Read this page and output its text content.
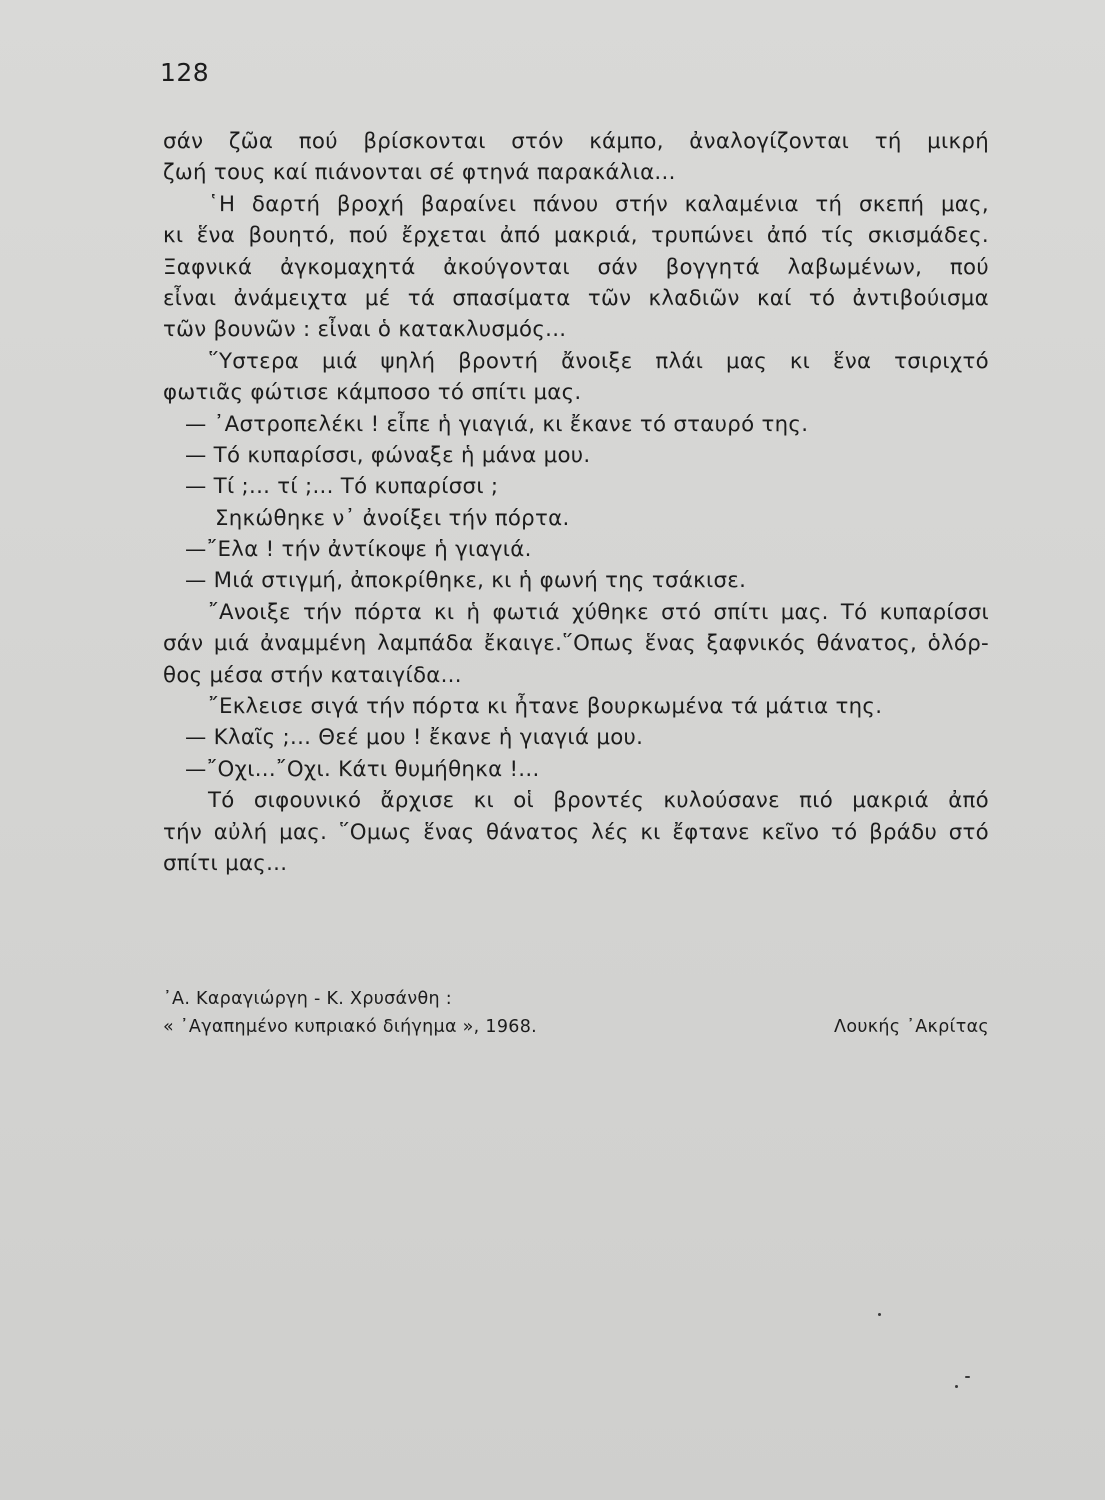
128
σάν ζῶα πού βρίσκονται στόν κάμπο, ἀναλογίζονται τή μικρή
ζωή τους καί πιάνονται σέ φτηνά παρακάλια...
῾Η δαρτή βροχή βαραίνει πάνου στήν καλαμένια τή σκεπή μας,
κι ἕνα βουητό, πού ἔρχεται ἀπό μακριά, τρυπώνει ἀπό τίς σκισμάδες.
Ξαφνικά ἀγκομαχητά ἀκούγονται σάν βογγητά λαβωμένων, πού
εἶναι ἀνάμειχτα μέ τά σπασίματα τῶν κλαδιῶν καί τό ἀντιβούισμα
τῶν βουνῶν : εἶναι ὁ κατακλυσμός...
῞Υστερα μιά ψηλή βροντή ἄνοιξε πλάι μας κι ἕνα τσιριχτό
φωτιᾶς φώτισε κάμποσο τό σπίτι μας.
— ᾿Αστροπελέκι ! εἶπε ἡ γιαγιά, κι ἔκανε τό σταυρό της.
— Τό κυπαρίσσι, φώναξε ἡ μάνα μου.
— Τί ;... τί ;... Τό κυπαρίσσι ;
Σηκώθηκε ν᾿ ἀνοίξει τήν πόρτα.
—῎Ελα ! τήν ἀντίκοψε ἡ γιαγιά.
— Μιά στιγμή, ἀποκρίθηκε, κι ἡ φωνή της τσάκισε.
῎Ανοιξε τήν πόρτα κι ἡ φωτιά χύθηκε στό σπίτι μας. Τό κυπαρίσσι
σάν μιά ἀναμμένη λαμπάδα ἔκαιγε.῞Οπως ἕνας ξαφνικός θάνατος, ὁλόρ-
θος μέσα στήν καταιγίδα...
῎Εκλεισε σιγά τήν πόρτα κι ἦτανε βουρκωμένα τά μάτια της.
— Κλαῖς ;... Θεέ μου ! ἔκανε ἡ γιαγιά μου.
—῎Οχι...῎Οχι. Κάτι θυμήθηκα !...
Τό σιφουνικό ἄρχισε κι οἱ βροντές κυλούσανε πιό μακριά ἀπό
τήν αὐλή μας. ῞Ομως ἕνας θάνατος λές κι ἔφτανε κεῖνο τό βράδυ στό
σπίτι μας...
᾿Α. Καραγιώργη - Κ. Χρυσάνθη :
« ᾿Αγαπημένο κυπριακό διήγημα », 1968.	Λουκής ᾿Ακρίτας
